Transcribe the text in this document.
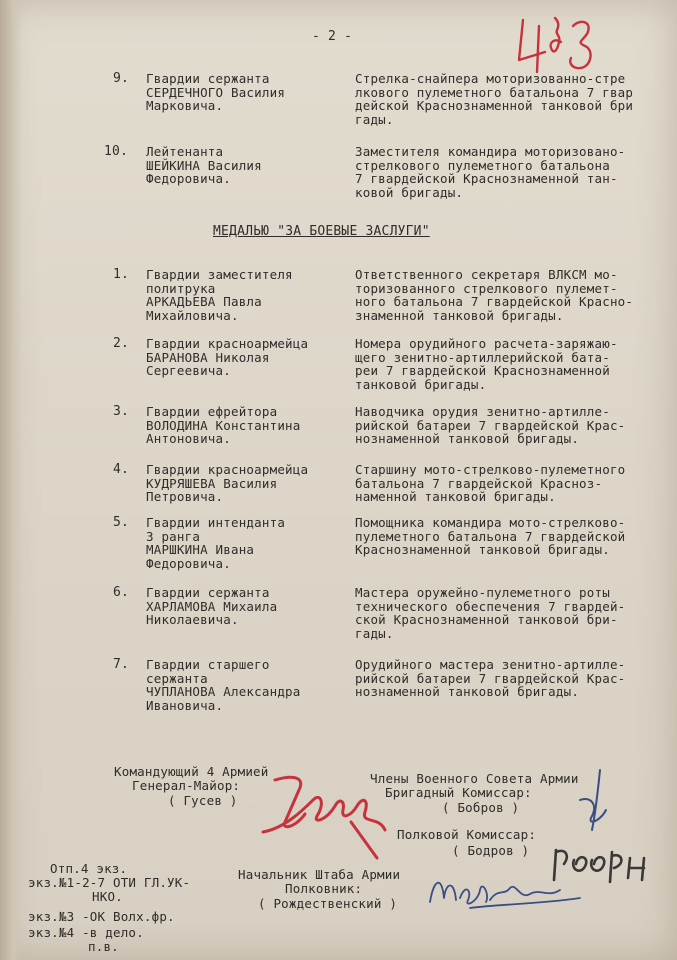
- 2 -
9. Гвардии сержанта
СЕРДЕЧНОГО Василия
Марковича.
Стрелка-снайпера моторизованно-стре
лкового пулеметного батальона 7 гвар
дейской Краснознаменной танковой бри
гады.
10. Лейтенанта
ШЕЙКИНА Василия
Федоровича.
Заместителя командира моторизовано-
стрелкового пулеметного батальона
7 гвардейской Краснознаменной тан-
ковой бригады.
МЕДАЛЬЮ "ЗА БОЕВЫЕ ЗАСЛУГИ"
1. Гвардии заместителя
политрука
АРКАДЬЕВА Павла
Михайловича.
Ответственного секретаря ВЛКСМ мо-
торизованного стрелкового пулемет-
ного батальона 7 гвардейской Красно-
знаменной танковой бригады.
2. Гвардии красноармейца
БАРАНОВА Николая
Сергеевича.
Номера орудийного расчета-заряжаю-
щего зенитно-артиллерийской бата-
реи 7 гвардейской Краснознаменной
танковой бригады.
3. Гвардии ефрейтора
ВОЛОДИНА Константина
Антоновича.
Наводчика орудия зенитно-артилле-
рийской батареи 7 гвардейской Крас-
нознаменной танковой бригады.
4. Гвардии красноармейца
КУДРЯШЕВА Василия
Петровича.
Старшину мото-стрелково-пулеметного
батальона 7 гвардейской Красноз-
наменной танковой бригады.
5. Гвардии интенданта
3 ранга
МАРШКИНА Ивана
Федоровича.
Помощника командира мото-стрелково-
пулеметного батальона 7 гвардейской
Краснознаменной танковой бригады.
6. Гвардии сержанта
ХАРЛАМОВА Михаила
Николаевича.
Мастера оружейно-пулеметного роты
технического обеспечения 7 гвардей-
ской Краснознаменной танковой бри-
гады.
7. Гвардии старшего
сержанта
ЧУПЛАНОВА Александра
Ивановича.
Орудийного мастера зенитно-артилле-
рийской батареи 7 гвардейской Крас-
нознаменной танковой бригады.
Командующий 4 Армией
Генерал-Майор:
( Гусев )
Члены Военного Совета Армии
Бригадный Комиссар:
( Бобров )
Полковой Комиссар:
( Бодров )
Начальник Штаба Армии
Полковник:
( Рождественский )
Отп.4 экз.
экз.№1-2-7 ОТИ ГЛ.УК-
НКО.
экз.№3 -ОК Волх.фр.
экз.№4 -в дело.
п.в.
